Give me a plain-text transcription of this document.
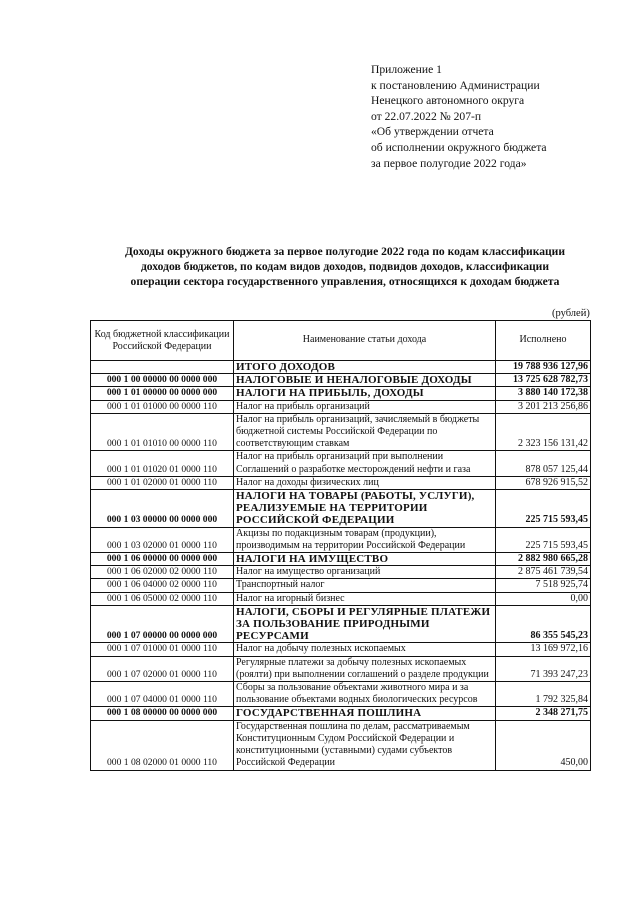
Приложение 1
к постановлению Администрации
Ненецкого автономного округа
от 22.07.2022 № 207-п
«Об утверждении отчета
об исполнении окружного бюджета
за первое полугодие 2022 года»
Доходы окружного бюджета за первое полугодие 2022 года по кодам классификации
доходов бюджетов, по кодам видов доходов, подвидов доходов, классификации
операции сектора государственного управления, относящихся к доходам бюджета
(рублей)
Код бюджетной классификации Российской Федерации	Наименование статьи дохода	Исполнено
	ИТОГО ДОХОДОВ	19 788 936 127,96
000 1 00 00000 00 0000 000	НАЛОГОВЫЕ И НЕНАЛОГОВЫЕ ДОХОДЫ	13 725 628 782,73
000 1 01 00000 00 0000 000	НАЛОГИ НА ПРИБЫЛЬ, ДОХОДЫ	3 880 140 172,38
000 1 01 01000 00 0000 110	Налог на прибыль организаций	3 201 213 256,86
000 1 01 01010 00 0000 110	Налог на прибыль организаций, зачисляемый в бюджеты бюджетной системы Российской Федерации по соответствующим ставкам	2 323 156 131,42
000 1 01 01020 01 0000 110	Налог на прибыль организаций при выполнении Соглашений о разработке месторождений нефти и газа	878 057 125,44
000 1 01 02000 01 0000 110	Налог на доходы физических лиц	678 926 915,52
000 1 03 00000 00 0000 000	НАЛОГИ НА ТОВАРЫ (РАБОТЫ, УСЛУГИ), РЕАЛИЗУЕМЫЕ НА ТЕРРИТОРИИ РОССИЙСКОЙ ФЕДЕРАЦИИ	225 715 593,45
000 1 03 02000 01 0000 110	Акцизы по подакцизным товарам (продукции), производимым на территории Российской Федерации	225 715 593,45
000 1 06 00000 00 0000 000	НАЛОГИ НА ИМУЩЕСТВО	2 882 980 665,28
000 1 06 02000 02 0000 110	Налог на имущество организаций	2 875 461 739,54
000 1 06 04000 02 0000 110	Транспортный налог	7 518 925,74
000 1 06 05000 02 0000 110	Налог на игорный бизнес	0,00
000 1 07 00000 00 0000 000	НАЛОГИ, СБОРЫ И РЕГУЛЯРНЫЕ ПЛАТЕЖИ ЗА ПОЛЬЗОВАНИЕ ПРИРОДНЫМИ РЕСУРСАМИ	86 355 545,23
000 1 07 01000 01 0000 110	Налог на добычу полезных ископаемых	13 169 972,16
000 1 07 02000 01 0000 110	Регулярные платежи за добычу полезных ископаемых (роялти) при выполнении соглашений о разделе продукции	71 393 247,23
000 1 07 04000 01 0000 110	Сборы за пользование объектами животного мира и за пользование объектами водных биологических ресурсов	1 792 325,84
000 1 08 00000 00 0000 000	ГОСУДАРСТВЕННАЯ ПОШЛИНА	2 348 271,75
000 1 08 02000 01 0000 110	Государственная пошлина по делам, рассматриваемым Конституционным Судом Российской Федерации и конституционными (уставными) судами субъектов Российской Федерации	450,00
